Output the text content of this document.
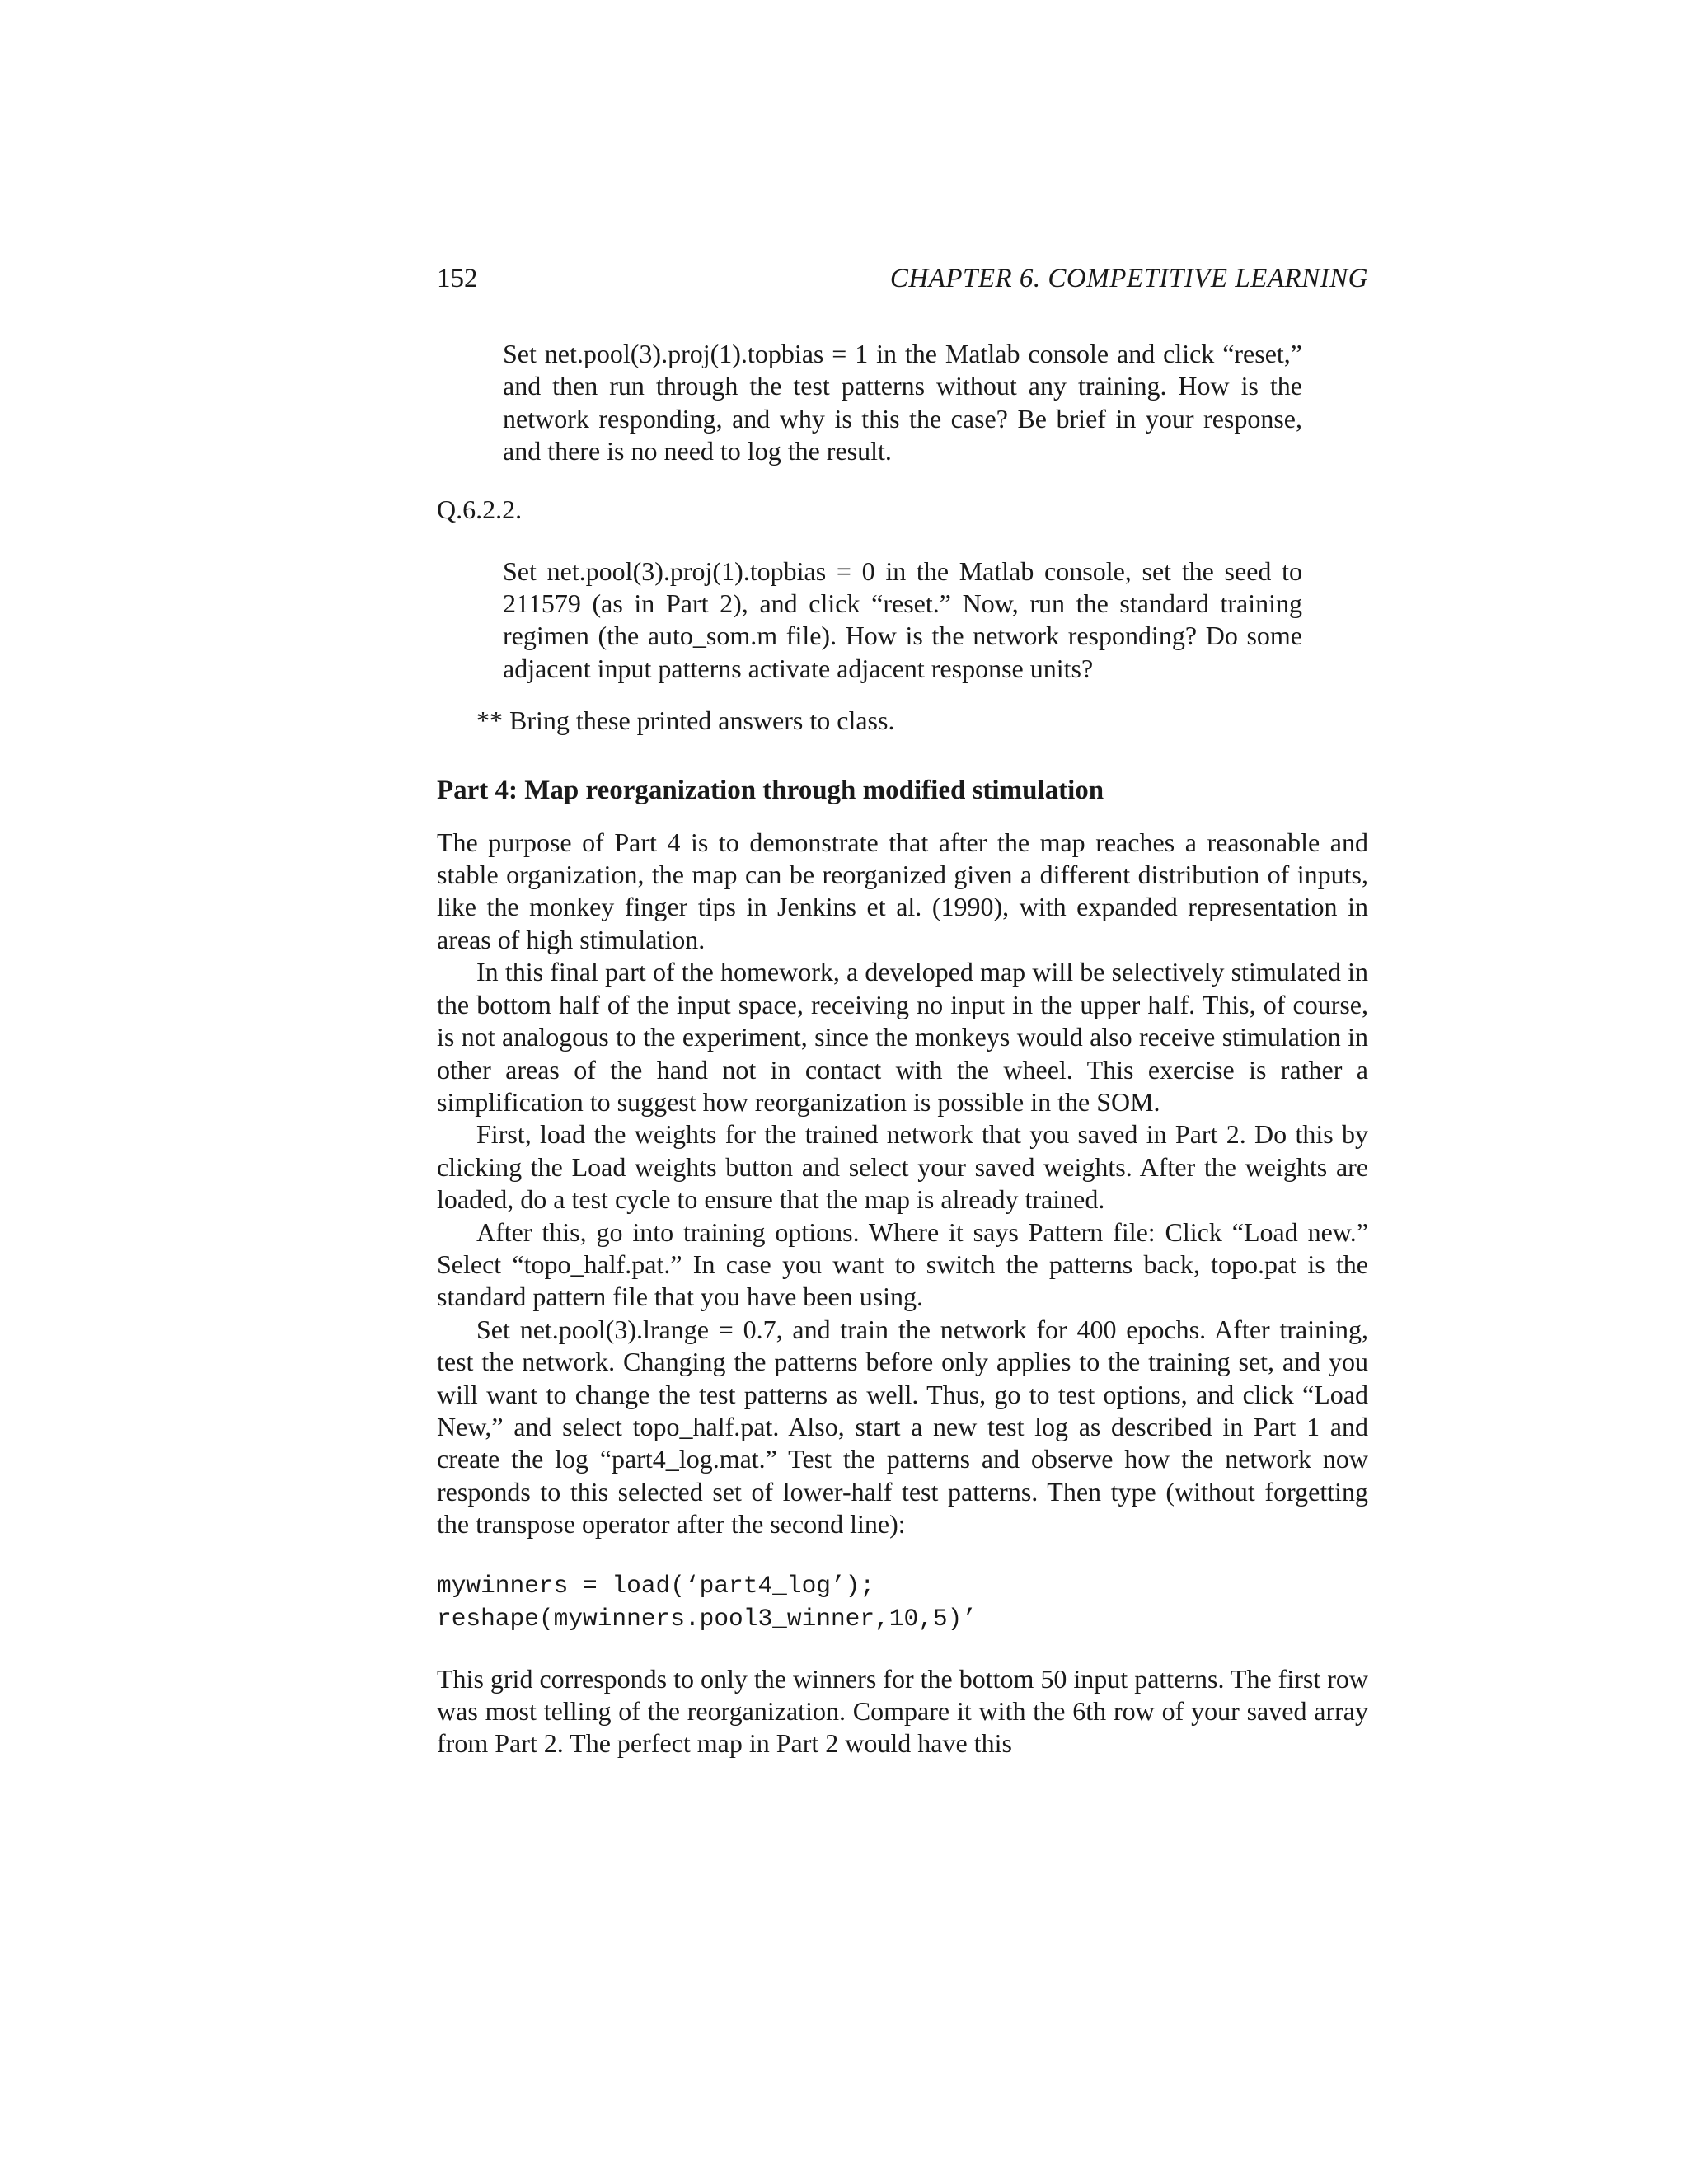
152	CHAPTER 6. COMPETITIVE LEARNING

Set net.pool(3).proj(1).topbias = 1 in the Matlab console and click “reset,” and then run through the test patterns without any training. How is the network responding, and why is this the case? Be brief in your response, and there is no need to log the result.

Q.6.2.2.

Set net.pool(3).proj(1).topbias = 0 in the Matlab console, set the seed to 211579 (as in Part 2), and click “reset.” Now, run the standard training regimen (the auto_som.m file). How is the network responding? Do some adjacent input patterns activate adjacent response units?

** Bring these printed answers to class.

Part 4: Map reorganization through modified stimulation

The purpose of Part 4 is to demonstrate that after the map reaches a reasonable and stable organization, the map can be reorganized given a different distribution of inputs, like the monkey finger tips in Jenkins et al. (1990), with expanded representation in areas of high stimulation.

In this final part of the homework, a developed map will be selectively stimulated in the bottom half of the input space, receiving no input in the upper half. This, of course, is not analogous to the experiment, since the monkeys would also receive stimulation in other areas of the hand not in contact with the wheel. This exercise is rather a simplification to suggest how reorganization is possible in the SOM.

First, load the weights for the trained network that you saved in Part 2. Do this by clicking the Load weights button and select your saved weights. After the weights are loaded, do a test cycle to ensure that the map is already trained.

After this, go into training options. Where it says Pattern file: Click “Load new.” Select “topo_half.pat.” In case you want to switch the patterns back, topo.pat is the standard pattern file that you have been using.

Set net.pool(3).lrange = 0.7, and train the network for 400 epochs. After training, test the network. Changing the patterns before only applies to the training set, and you will want to change the test patterns as well. Thus, go to test options, and click “Load New,” and select topo_half.pat. Also, start a new test log as described in Part 1 and create the log “part4_log.mat.” Test the patterns and observe how the network now responds to this selected set of lower-half test patterns. Then type (without forgetting the transpose operator after the second line):

mywinners = load(‘part4_log’);
reshape(mywinners.pool3_winner,10,5)’

This grid corresponds to only the winners for the bottom 50 input patterns. The first row was most telling of the reorganization. Compare it with the 6th row of your saved array from Part 2. The perfect map in Part 2 would have this
